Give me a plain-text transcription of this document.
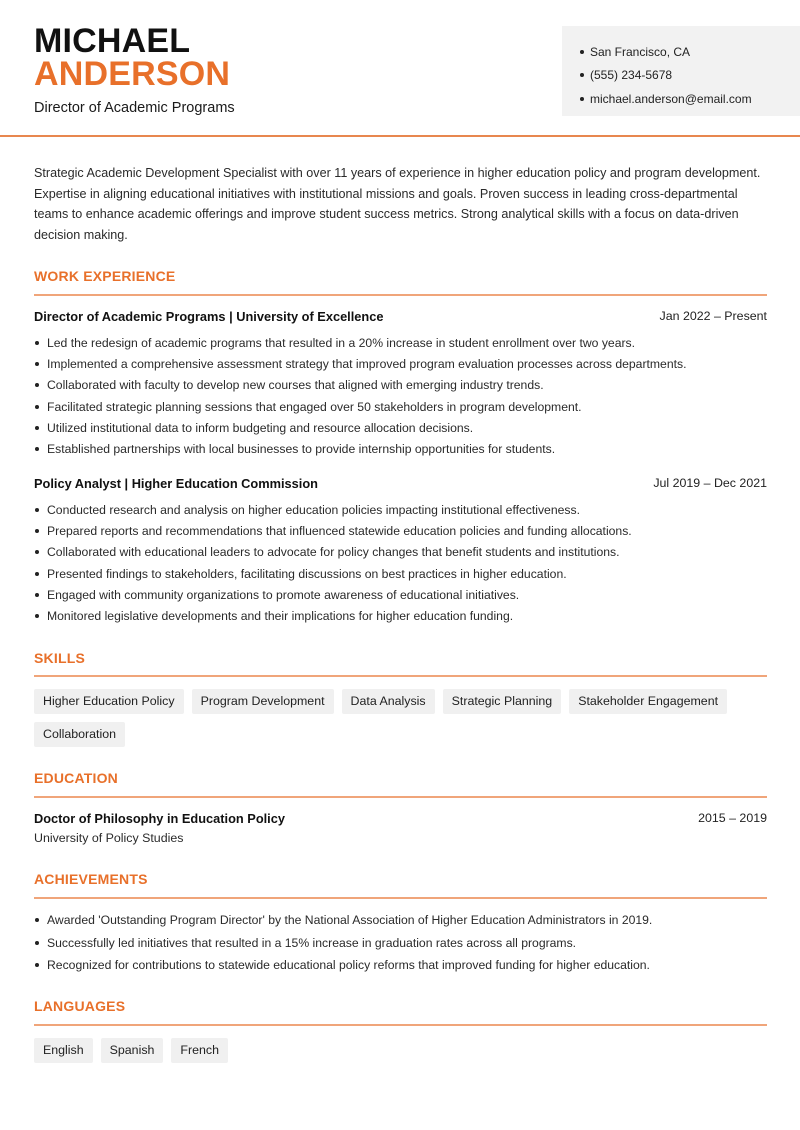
MICHAEL
ANDERSON
Director of Academic Programs
San Francisco, CA
(555) 234-5678
michael.anderson@email.com

Strategic Academic Development Specialist with over 11 years of experience in higher education policy and program development. Expertise in aligning educational initiatives with institutional missions and goals. Proven success in leading cross-departmental teams to enhance academic offerings and improve student success metrics. Strong analytical skills with a focus on data-driven decision making.

WORK EXPERIENCE
Director of Academic Programs | University of Excellence	Jan 2022 – Present
Led the redesign of academic programs that resulted in a 20% increase in student enrollment over two years.
Implemented a comprehensive assessment strategy that improved program evaluation processes across departments.
Collaborated with faculty to develop new courses that aligned with emerging industry trends.
Facilitated strategic planning sessions that engaged over 50 stakeholders in program development.
Utilized institutional data to inform budgeting and resource allocation decisions.
Established partnerships with local businesses to provide internship opportunities for students.
Policy Analyst | Higher Education Commission	Jul 2019 – Dec 2021
Conducted research and analysis on higher education policies impacting institutional effectiveness.
Prepared reports and recommendations that influenced statewide education policies and funding allocations.
Collaborated with educational leaders to advocate for policy changes that benefit students and institutions.
Presented findings to stakeholders, facilitating discussions on best practices in higher education.
Engaged with community organizations to promote awareness of educational initiatives.
Monitored legislative developments and their implications for higher education funding.
SKILLS
Higher Education Policy	Program Development	Data Analysis	Strategic Planning	Stakeholder Engagement
Collaboration
EDUCATION
Doctor of Philosophy in Education Policy	2015 – 2019
University of Policy Studies
ACHIEVEMENTS
Awarded 'Outstanding Program Director' by the National Association of Higher Education Administrators in 2019.
Successfully led initiatives that resulted in a 15% increase in graduation rates across all programs.
Recognized for contributions to statewide educational policy reforms that improved funding for higher education.
LANGUAGES
English	Spanish	French
